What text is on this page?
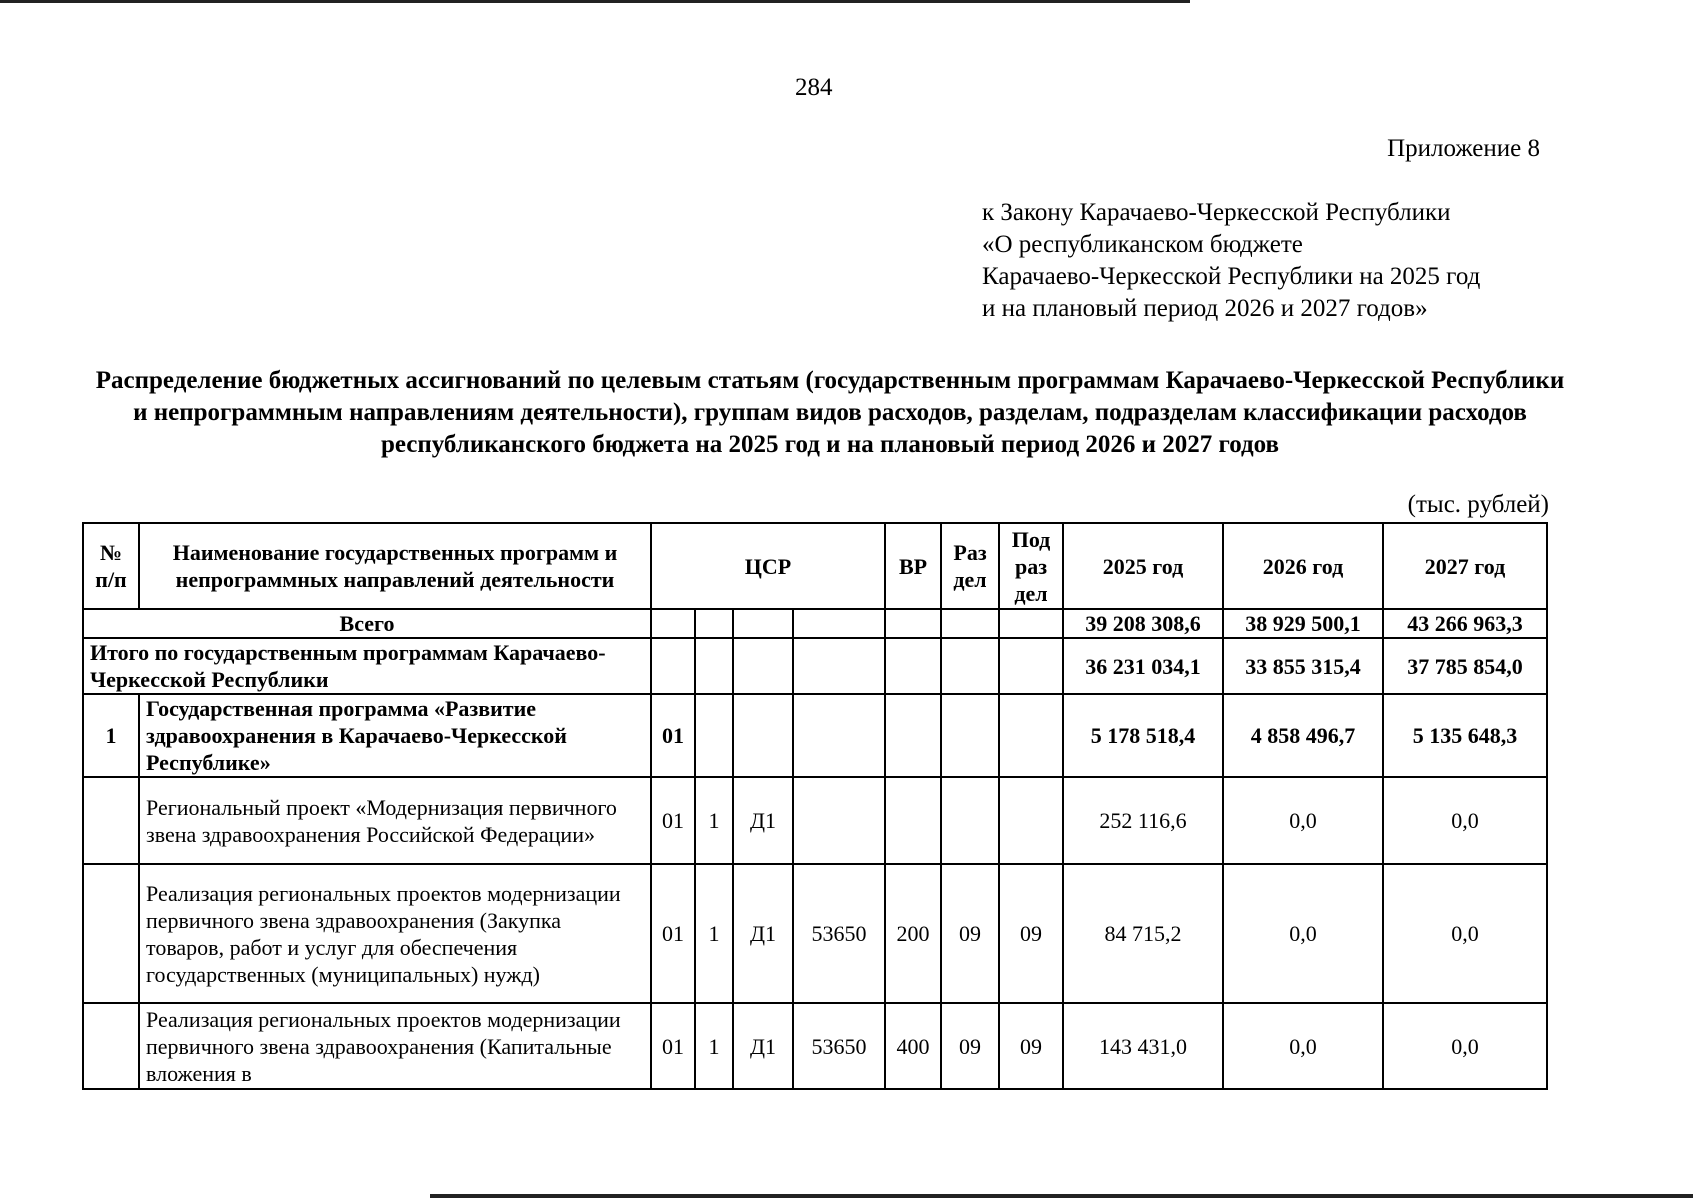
284
Приложение 8
к Закону Карачаево-Черкесской Республики
«О республиканском бюджете
Карачаево-Черкесской Республики на 2025 год
и на плановый период 2026 и 2027 годов»
Распределение бюджетных ассигнований по целевым статьям (государственным программам Карачаево-Черкесской Республики и непрограммным направлениям деятельности), группам видов расходов, разделам, подразделам классификации расходов республиканского бюджета на 2025 год и на плановый период 2026 и 2027 годов
(тыс. рублей)
№ п/п	Наименование государственных программ и непрограммных направлений деятельности	ЦСР				ВР	Раз дел	Под раз дел	2025 год	2026 год	2027 год
Всего									39 208 308,6	38 929 500,1	43 266 963,3
Итого по государственным программам Карачаево-Черкесской Республики									36 231 034,1	33 855 315,4	37 785 854,0
1	Государственная программа «Развитие здравоохранения в Карачаево-Черкесской Республике»	01							5 178 518,4	4 858 496,7	5 135 648,3
	Региональный проект «Модернизация первичного звена здравоохранения Российской Федерации»	01	1	Д1					252 116,6	0,0	0,0
	Реализация региональных проектов модернизации первичного звена здравоохранения (Закупка товаров, работ и услуг для обеспечения государственных (муниципальных) нужд)	01	1	Д1	53650	200	09	09	84 715,2	0,0	0,0
	Реализация региональных проектов модернизации первичного звена здравоохранения (Капитальные вложения в	01	1	Д1	53650	400	09	09	143 431,0	0,0	0,0
